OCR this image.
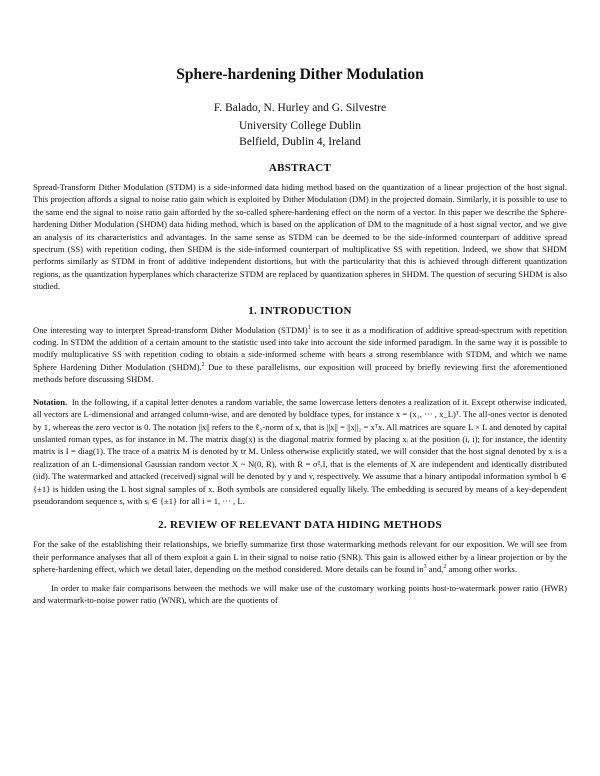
Sphere-hardening Dither Modulation
F. Balado, N. Hurley and G. Silvestre
University College Dublin
Belfield, Dublin 4, Ireland
ABSTRACT

Spread-Transform Dither Modulation (STDM) is a side-informed data hiding method based on the quantization of a linear projection of the host signal. This projection affords a signal to noise ratio gain which is exploited by Dither Modulation (DM) in the projected domain. Similarly, it is possible to use to the same end the signal to noise ratio gain afforded by the so-called sphere-hardening effect on the norm of a vector. In this paper we describe the Sphere-hardening Dither Modulation (SHDM) data hiding method, which is based on the application of DM to the magnitude of a host signal vector, and we give an analysis of its characteristics and advantages. In the same sense as STDM can be deemed to be the side-informed counterpart of additive spread spectrum (SS) with repetition coding, then SHDM is the side-informed counterpart of multiplicative SS with repetition. Indeed, we show that SHDM performs similarly as STDM in front of additive independent distortions, but with the particularity that this is achieved through different quantization regions, as the quantization hyperplanes which characterize STDM are replaced by quantization spheres in SHDM. The question of securing SHDM is also studied.

1. INTRODUCTION

One interesting way to interpret Spread-transform Dither Modulation (STDM)$^1$ is to see it as a modification of additive spread-spectrum with repetition coding. In STDM the addition of a certain amount to the statistic used into take into account the side informed paradigm. In the same way it is possible to modify multiplicative SS with repetition coding to obtain a side-informed scheme with bears a strong resemblance with STDM, and which we name Sphere Hardening Dither Modulation (SHDM).$^2$ Due to these parallelisms, our exposition will proceed by briefly reviewing first the aforementioned methods before discussing SHDM.

Notation. In the following, if a capital letter denotes a random variable, the same lowercase letters denotes a realization of it. Except otherwise indicated, all vectors are L-dimensional and arranged column-wise, and are denoted by boldface types, for instance x = (x₁, ··· , x_L)ᵀ. The all-ones vector is denoted by 1, whereas the zero vector is 0. The notation ||x|| refers to the ℓ₂-norm of x, that is ||x|| = ||x||₂ = xᵀx. All matrices are square L × L and denoted by capital unslanted roman types, as for instance in M. The matrix diag(x) is the diagonal matrix formed by placing xᵢ at the position (i, i); for instance, the identity matrix is I = diag(1). The trace of a matrix M is denoted by tr M. Unless otherwise explicitly stated, we will consider that the host signal denoted by x is a realization of an L-dimensional Gaussian random vector X ~ N(0, R), with R = σ²ₓI, that is the elements of X are independent and identically distributed (iid). The watermarked and attacked (received) signal will be denoted by y and v, respectively. We assume that a binary antipodal information symbol b ∈ {±1} is hidden using the L host signal samples of x. Both symbols are considered equally likely. The embedding is secured by means of a key-dependent pseudorandom sequence s, with sᵢ ∈ {±1} for all i = 1, ··· , L.

2. REVIEW OF RELEVANT DATA HIDING METHODS

For the sake of the establishing their relationships, we briefly summarize first those watermarking methods relevant for our exposition. We will see from their performance analyses that all of them exploit a gain L in their signal to noise ratio (SNR). This gain is allowed either by a linear projection or by the sphere-hardening effect, which we detail later, depending on the method considered. More details can be found $in^3$ and,$^2$ among other works.

In order to make fair comparisons between the methods we will make use of the customary working points host-to-watermark power ratio (HWR) and watermark-to-noise power ratio (WNR), which are the quotients of
